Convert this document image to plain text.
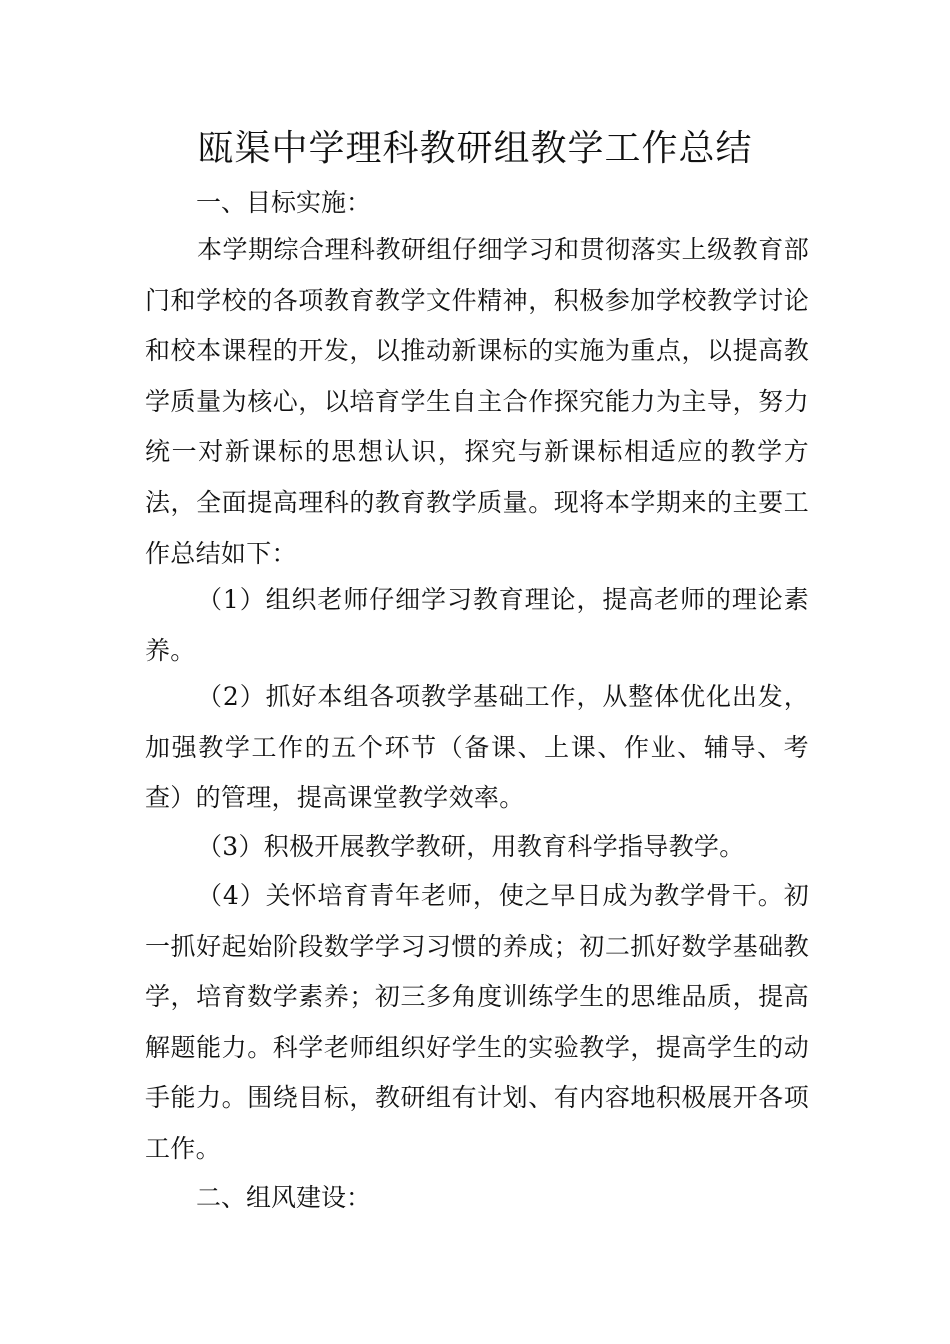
瓯渠中学理科教研组教学工作总结

一、目标实施：

本学期综合理科教研组仔细学习和贯彻落实上级教育部门和学校的各项教育教学文件精神，积极参加学校教学讨论和校本课程的开发，以推动新课标的实施为重点，以提高教学质量为核心，以培育学生自主合作探究能力为主导，努力统一对新课标的思想认识，探究与新课标相适应的教学方法，全面提高理科的教育教学质量。现将本学期来的主要工作总结如下：

（1）组织老师仔细学习教育理论，提高老师的理论素养。

（2）抓好本组各项教学基础工作，从整体优化出发，加强教学工作的五个环节（备课、上课、作业、辅导、考查）的管理，提高课堂教学效率。

（3）积极开展教学教研，用教育科学指导教学。

（4）关怀培育青年老师，使之早日成为教学骨干。初一抓好起始阶段数学学习习惯的养成；初二抓好数学基础教学，培育数学素养；初三多角度训练学生的思维品质，提高解题能力。科学老师组织好学生的实验教学，提高学生的动手能力。围绕目标，教研组有计划、有内容地积极展开各项工作。

二、组风建设：
